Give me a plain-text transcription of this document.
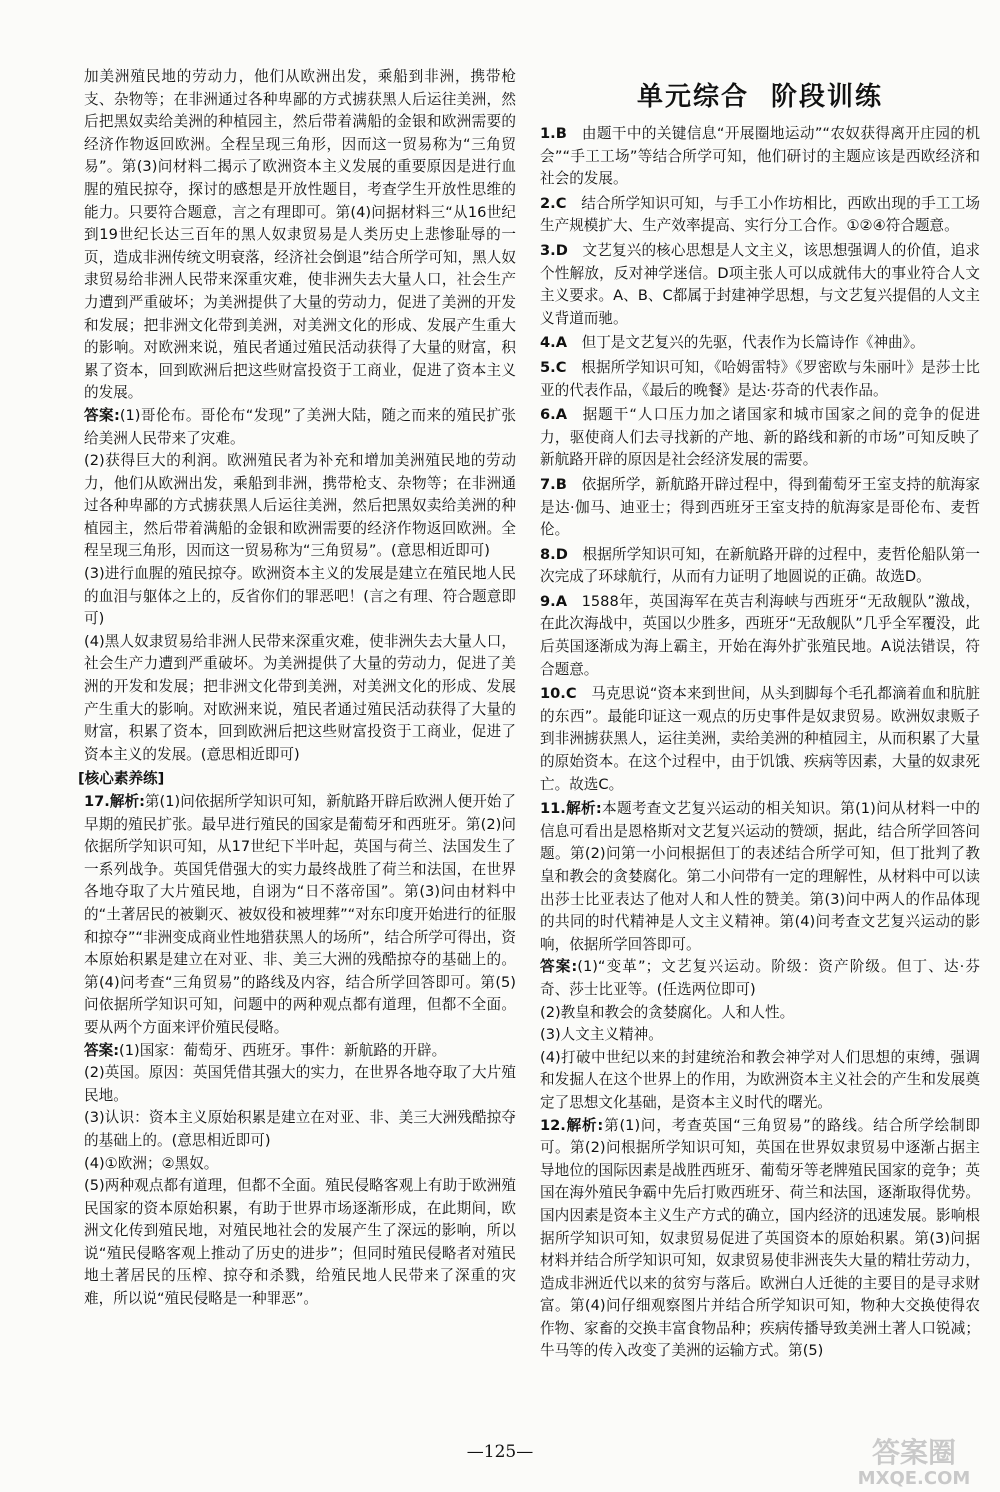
加美洲殖民地的劳动力，他们从欧洲出发，乘船到非洲，携带枪支、杂物等；在非洲通过各种卑鄙的方式掳获黑人后运往美洲，然后把黑奴卖给美洲的种植园主，然后带着满船的金银和欧洲需要的经济作物返回欧洲。全程呈现三角形，因而这一贸易称为“三角贸易”。第(3)问材料二揭示了欧洲资本主义发展的重要原因是进行血腥的殖民掠夺，探讨的感想是开放性题目，考查学生开放性思维的能力。只要符合题意，言之有理即可。第(4)问据材料三“从16世纪到19世纪长达三百年的黑人奴隶贸易是人类历史上悲惨耻辱的一页，造成非洲传统文明衰落，经济社会倒退”结合所学可知，黑人奴隶贸易给非洲人民带来深重灾难，使非洲失去大量人口，社会生产力遭到严重破坏；为美洲提供了大量的劳动力，促进了美洲的开发和发展；把非洲文化带到美洲，对美洲文化的形成、发展产生重大的影响。对欧洲来说，殖民者通过殖民活动获得了大量的财富，积累了资本，回到欧洲后把这些财富投资于工商业，促进了资本主义的发展。

答案:(1)哥伦布。哥伦布“发现”了美洲大陆，随之而来的殖民扩张给美洲人民带来了灾难。

(2)获得巨大的利润。欧洲殖民者为补充和增加美洲殖民地的劳动力，他们从欧洲出发，乘船到非洲，携带枪支、杂物等；在非洲通过各种卑鄙的方式掳获黑人后运往美洲，然后把黑奴卖给美洲的种植园主，然后带着满船的金银和欧洲需要的经济作物返回欧洲。全程呈现三角形，因而这一贸易称为“三角贸易”。(意思相近即可)

(3)进行血腥的殖民掠夺。欧洲资本主义的发展是建立在殖民地人民的血泪与躯体之上的，反省你们的罪恶吧！(言之有理、符合题意即可)

(4)黑人奴隶贸易给非洲人民带来深重灾难，使非洲失去大量人口，社会生产力遭到严重破坏。为美洲提供了大量的劳动力，促进了美洲的开发和发展；把非洲文化带到美洲，对美洲文化的形成、发展产生重大的影响。对欧洲来说，殖民者通过殖民活动获得了大量的财富，积累了资本，回到欧洲后把这些财富投资于工商业，促进了资本主义的发展。(意思相近即可)

[核心素养练]

17.解析:第(1)问依据所学知识可知，新航路开辟后欧洲人便开始了早期的殖民扩张。最早进行殖民的国家是葡萄牙和西班牙。第(2)问依据所学知识可知，从17世纪下半叶起，英国与荷兰、法国发生了一系列战争。英国凭借强大的实力最终战胜了荷兰和法国，在世界各地夺取了大片殖民地，自诩为“日不落帝国”。第(3)问由材料中的“土著居民的被剿灭、被奴役和被埋葬”“对东印度开始进行的征服和掠夺”“非洲变成商业性地猎获黑人的场所”，结合所学可得出，资本原始积累是建立在对亚、非、美三大洲的残酷掠夺的基础上的。第(4)问考查“三角贸易”的路线及内容，结合所学回答即可。第(5)问依据所学知识可知，问题中的两种观点都有道理，但都不全面。要从两个方面来评价殖民侵略。

答案:(1)国家：葡萄牙、西班牙。事件：新航路的开辟。

(2)英国。原因：英国凭借其强大的实力，在世界各地夺取了大片殖民地。

(3)认识：资本主义原始积累是建立在对亚、非、美三大洲残酷掠夺的基础上的。(意思相近即可)

(4)①欧洲；②黑奴。

(5)两种观点都有道理，但都不全面。殖民侵略客观上有助于欧洲殖民国家的资本原始积累，有助于世界市场逐渐形成，在此期间，欧洲文化传到殖民地，对殖民地社会的发展产生了深远的影响，所以说“殖民侵略客观上推动了历史的进步”；但同时殖民侵略者对殖民地土著居民的压榨、掠夺和杀戮，给殖民地人民带来了深重的灾难，所以说“殖民侵略是一种罪恶”。

单元综合 阶段训练

1.B  由题干中的关键信息“开展圈地运动”“农奴获得离开庄园的机会”“手工工场”等结合所学可知，他们研讨的主题应该是西欧经济和社会的发展。

2.C  结合所学知识可知，与手工小作坊相比，西欧出现的手工工场生产规模扩大、生产效率提高、实行分工合作。①②④符合题意。

3.D  文艺复兴的核心思想是人文主义，该思想强调人的价值，追求个性解放，反对神学迷信。D项主张人可以成就伟大的事业符合人文主义要求。A、B、C都属于封建神学思想，与文艺复兴提倡的人文主义背道而驰。

4.A  但丁是文艺复兴的先驱，代表作为长篇诗作《神曲》。

5.C  根据所学知识可知，《哈姆雷特》《罗密欧与朱丽叶》是莎士比亚的代表作品，《最后的晚餐》是达·芬奇的代表作品。

6.A  据题干“人口压力加之诸国家和城市国家之间的竞争的促进力，驱使商人们去寻找新的产地、新的路线和新的市场”可知反映了新航路开辟的原因是社会经济发展的需要。

7.B  依据所学，新航路开辟过程中，得到葡萄牙王室支持的航海家是达·伽马、迪亚士；得到西班牙王室支持的航海家是哥伦布、麦哲伦。

8.D  根据所学知识可知，在新航路开辟的过程中，麦哲伦船队第一次完成了环球航行，从而有力证明了地圆说的正确。故选D。

9.A  1588年，英国海军在英吉利海峡与西班牙“无敌舰队”激战，在此次海战中，英国以少胜多，西班牙“无敌舰队”几乎全军覆没，此后英国逐渐成为海上霸主，开始在海外扩张殖民地。A说法错误，符合题意。

10.C  马克思说“资本来到世间，从头到脚每个毛孔都滴着血和肮脏的东西”。最能印证这一观点的历史事件是奴隶贸易。欧洲奴隶贩子到非洲掳获黑人，运往美洲，卖给美洲的种植园主，从而积累了大量的原始资本。在这个过程中，由于饥饿、疾病等因素，大量的奴隶死亡。故选C。

11.解析:本题考查文艺复兴运动的相关知识。第(1)问从材料一中的信息可看出是恩格斯对文艺复兴运动的赞颂，据此，结合所学回答问题。第(2)问第一小问根据但丁的表述结合所学可知，但丁批判了教皇和教会的贪婪腐化。第二小问带有一定的理解性，从材料中可以读出莎士比亚表达了他对人和人性的赞美。第(3)问中两人的作品体现的共同的时代精神是人文主义精神。第(4)问考查文艺复兴运动的影响，依据所学回答即可。

答案:(1)“变革”；文艺复兴运动。阶级：资产阶级。但丁、达·芬奇、莎士比亚等。(任选两位即可)

(2)教皇和教会的贪婪腐化。人和人性。

(3)人文主义精神。

(4)打破中世纪以来的封建统治和教会神学对人们思想的束缚，强调和发掘人在这个世界上的作用，为欧洲资本主义社会的产生和发展奠定了思想文化基础，是资本主义时代的曙光。

12.解析:第(1)问，考查英国“三角贸易”的路线。结合所学绘制即可。第(2)问根据所学知识可知，英国在世界奴隶贸易中逐渐占据主导地位的国际因素是战胜西班牙、葡萄牙等老牌殖民国家的竞争；英国在海外殖民争霸中先后打败西班牙、荷兰和法国，逐渐取得优势。国内因素是资本主义生产方式的确立，国内经济的迅速发展。影响根据所学知识可知，奴隶贸易促进了英国资本的原始积累。第(3)问据材料并结合所学知识可知，奴隶贸易使非洲丧失大量的精壮劳动力，造成非洲近代以来的贫穷与落后。欧洲白人迁徙的主要目的是寻求财富。第(4)问仔细观察图片并结合所学知识可知，物种大交换使得农作物、家畜的交换丰富食物品种；疾病传播导致美洲土著人口锐减；牛马等的传入改变了美洲的运输方式。第(5)

—125—	答案圈
MXQE.COM
